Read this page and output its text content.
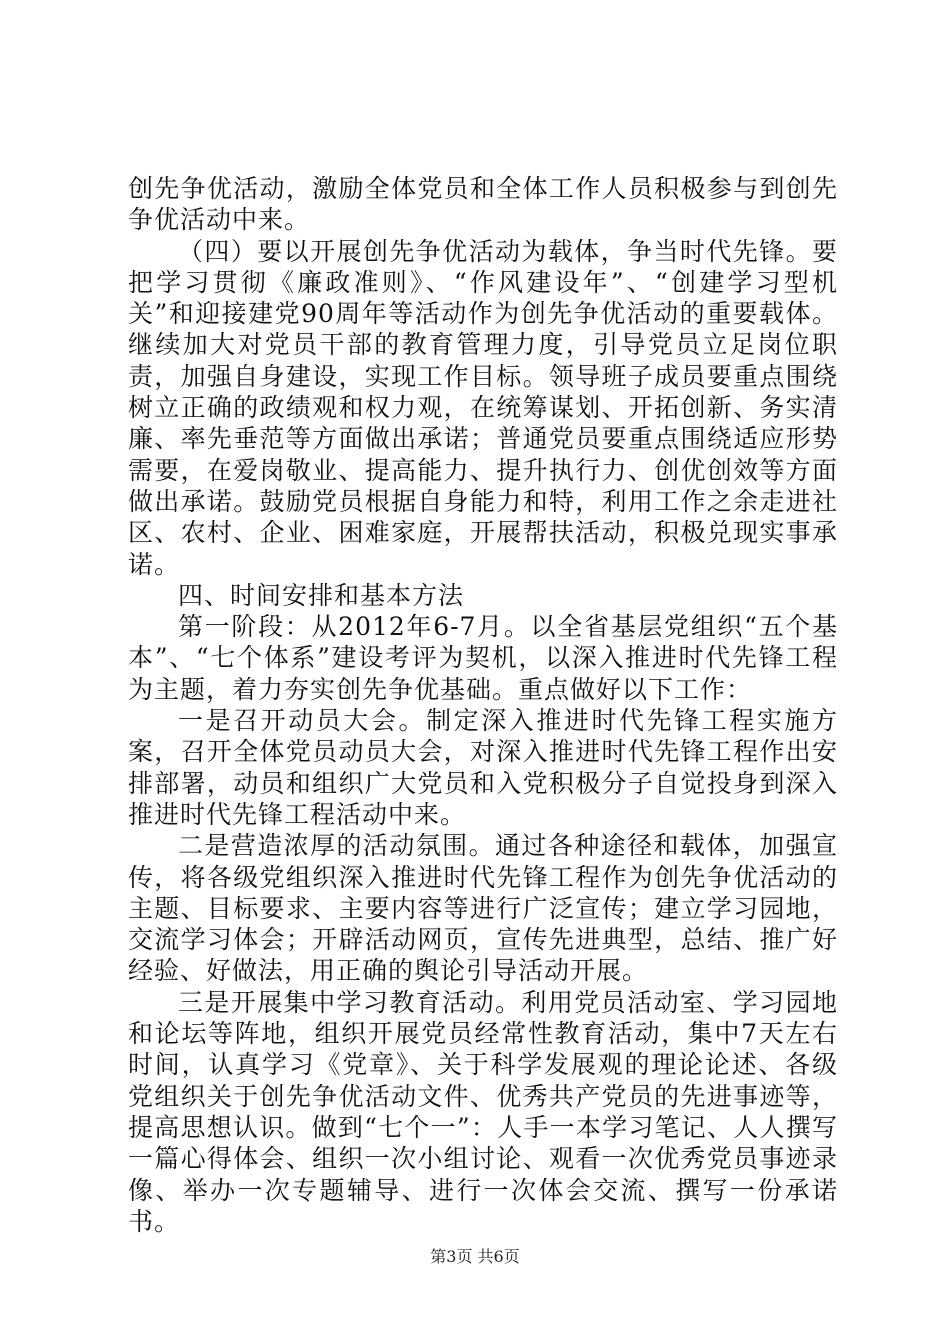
创先争优活动，激励全体党员和全体工作人员积极参与到创先争优活动中来。

（四）要以开展创先争优活动为载体，争当时代先锋。要把学习贯彻《廉政准则》、“作风建设年”、“创建学习型机关”和迎接建党90周年等活动作为创先争优活动的重要载体。继续加大对党员干部的教育管理力度，引导党员立足岗位职责，加强自身建设，实现工作目标。领导班子成员要重点围绕树立正确的政绩观和权力观，在统筹谋划、开拓创新、务实清廉、率先垂范等方面做出承诺；普通党员要重点围绕适应形势需要，在爱岗敬业、提高能力、提升执行力、创优创效等方面做出承诺。鼓励党员根据自身能力和特，利用工作之余走进社区、农村、企业、困难家庭，开展帮扶活动，积极兑现实事承诺。

四、时间安排和基本方法

第一阶段：从2012年6-7月。以全省基层党组织“五个基本”、“七个体系”建设考评为契机，以深入推进时代先锋工程为主题，着力夯实创先争优基础。重点做好以下工作：

一是召开动员大会。制定深入推进时代先锋工程实施方案，召开全体党员动员大会，对深入推进时代先锋工程作出安排部署，动员和组织广大党员和入党积极分子自觉投身到深入推进时代先锋工程活动中来。

二是营造浓厚的活动氛围。通过各种途径和载体，加强宣传，将各级党组织深入推进时代先锋工程作为创先争优活动的主题、目标要求、主要内容等进行广泛宣传；建立学习园地，交流学习体会；开辟活动网页，宣传先进典型，总结、推广好经验、好做法，用正确的舆论引导活动开展。

三是开展集中学习教育活动。利用党员活动室、学习园地和论坛等阵地，组织开展党员经常性教育活动，集中7天左右时间，认真学习《党章》、关于科学发展观的理论论述、各级党组织关于创先争优活动文件、优秀共产党员的先进事迹等，提高思想认识。做到“七个一”：人手一本学习笔记、人人撰写一篇心得体会、组织一次小组讨论、观看一次优秀党员事迹录像、举办一次专题辅导、进行一次体会交流、撰写一份承诺书。

第3页 共6页
